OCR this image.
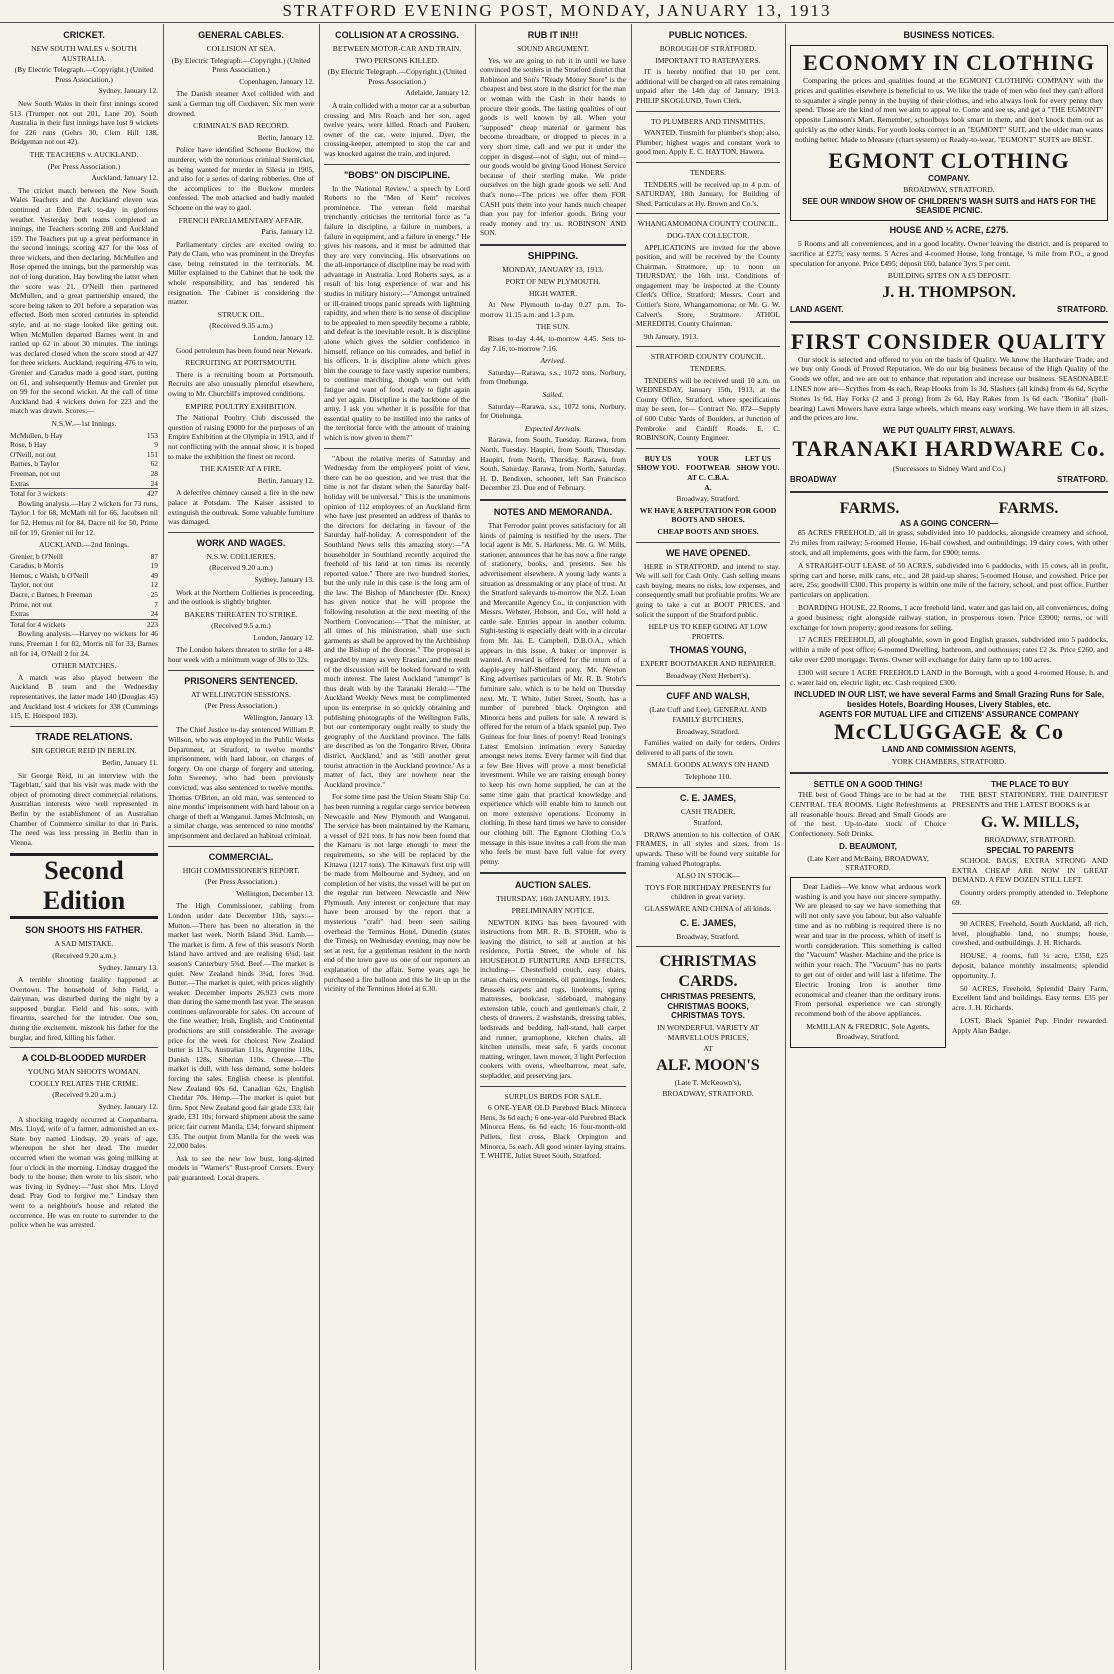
STRATFORD EVENING POST, MONDAY, JANUARY 13, 1913
CRICKET.
NEW SOUTH WALES v. SOUTH AUSTRALIA.
(By Electric Telegraph.—Copyright.) (United Press Association.)

Sydney, January 12.

New South Wales in their first innings scored 513 (Trumper not out 201, Lane 20). South Australia in their first innings have lost 9 wickets for 226 runs (Gehrs 30, Clem Hill 138, Bridgeman not out 42).

THE TEACHERS v. AUCKLAND.
(Per Press Association.)

Auckland, January 12.

The cricket match between the New South Wales Teachers and the Auckland eleven was continued at Eden Park to-day in glorious weather. Yesterday both teams completed an innings, the Teachers scoring 208 and Auckland 159. The Teachers put up a great performance in the second innings, scoring 427 for the loss of three wickets, and then declaring. McMullen and Rose opened the innings, but the partnership was not of long duration, Hay bowling the latter when the score was 21. O'Neill then partnered McMullen, and a great partnership ensued, the score being taken to 201 before a separation was effected. Both men scored centuries in splendid style, and at no stage looked like getting out. When McMullen departed Barnes went in and rattled up 62 in about 30 minutes. The innings was declared closed when the score stood at 427 for three wickets. Auckland, requiring 476 to win, Grenier and Caradus made a good start, putting on 61, and subsequently Hemus and Grenier put on 99 for the second wicket. At the call of time Auckland had 4 wickets down for 223 and the match was drawn. Scores:—

N.S.W.—1st Innings.
McMullen, b Hay	153
Rose, b Hay	9
O'Neill, not out	151
Barnes, b Taylor	62
Freeman, not out	28
Extras	24
Total for 3 wickets	427

Bowling analysis.—Hay 2 wickets for 73 runs, Taylor 1 for 68, McMath nil for 66, Jacobsen nil for 52, Hemus nil for 84, Dacre nil for 50, Prime nil for 19, Grenier nil for 12.

AUCKLAND.—2nd Innings.
Grenier, b O'Neill	87
Caradus, b Morris	19
Hemus, c Walsh, b O'Neill	49
Taylor, not out	12
Dacre, c Barnes, b Freeman	25
Prime, not out	7
Extras	24
Total for 4 wickets	223

Bowling analysis.—Harvey no wickets for 46 runs, Freeman 1 for 82, Morris nil for 33, Barnes nil for 14, O'Neill 2 for 24.

OTHER MATCHES.

A match was also played between the Auckland B team and the Wednesday representatives, the latter made 140 (Douglas 45) and Auckland lost 4 wickets for 338 (Cummings 115, E. Horspool 183).

TRADE RELATIONS.
SIR GEORGE REID IN BERLIN.

Berlin, January 11.

Sir George Reid, in an interview with the 'Tageblatt,' said that his visit was made with the object of promoting direct commercial relations. Australian interests were well represented in Berlin by the establishment of an Australian Chamber of Commerce similar to that in Paris. The need was less pressing in Berlin than in Vienna.

Second Edition
SON SHOOTS HIS FATHER.
A SAD MISTAKE.
(Received 9.20 a.m.)

Sydney, January 13.

A terrible shooting fatality happened at Overtown. The household of John Field, a dairyman, was disturbed during the night by a supposed burglar. Field and his sons, with firearms, searched for the intruder. One son, during the excitement, mistook his father for the burglar, and fired, killing his father.

A COLD-BLOODED MURDER
YOUNG MAN SHOOTS WOMAN.
COOLLY RELATES THE CRIME.
(Received 9.20 a.m.)

Sydney, January 12.

A shocking tragedy occurred at Coopanbarra. Mrs. Lloyd, wife of a farmer, admonished an ex-State boy named Lindsay, 20 years of age, whereupon he shot her dead. The murder occurred when the woman was going milking at four o'clock in the morning. Lindsay dragged the body to the house; then wrote to his sister, who was living in Sydney:—"Just shot Mrs. Lloyd dead. Pray God to forgive me." Lindsay then went to a neighbour's house and related the occurrence. He was en route to surrender to the police when he was arrested.

GENERAL CABLES.
COLLISION AT SEA.
(By Electric Telegraph.—Copyright.) (United Press Association.)

Copenhagen, January 12.

The Danish steamer Axel collided with and sank a German tug off Cuxhaven. Six men were drowned.

CRIMINAL'S BAD RECORD.

Berlin, January 12.

Police have identified Schoene Buckow, the murderer, with the notorious criminal Sternickel, as being wanted for murder in Silesia in 1905, and also for a series of daring robberies. One of the accomplices to the Buckow murders confessed. The mob attacked and badly mauled Schoene on the way to gaol.

FRENCH PARLIAMENTARY AFFAIR.

Paris, January 12.

Parliamentary circles are excited owing to Paty de Clam, who was prominent in the Dreyfus case, being reinstated in the territorials. M. Miller explained to the Cabinet that he took the whole responsibility, and has tendered his resignation. The Cabinet is considering the matter.

STRUCK OIL.
(Received 9.35 a.m.)

London, January 12.

Good petroleum has been found near Newark.

RECRUITING AT PORTSMOUTH.

There is a recruiting boom at Portsmouth. Recruits are also unusually plentiful elsewhere, owing to Mr. Churchill's improved conditions.

EMPIRE POULTRY EXHIBITION.

The National Poultry Club discussed the question of raising £9000 for the purposes of an Empire Exhibition at the Olympia in 1913, and if not conflicting with the annual show, it is hoped to make the exhibition the finest on record.

THE KAISER AT A FIRE.

Berlin, January 12.

A defective chimney caused a fire in the new palace at Potsdam. The Kaiser assisted to extinguish the outbreak. Some valuable furniture was damaged.

WORK AND WAGES.
N.S.W. COLLIERIES.
(Received 9.20 a.m.)

Sydney, January 13.

Work at the Northern Collieries is proceeding, and the outlook is slightly brighter.

BAKERS THREATEN TO STRIKE.
(Received 9.5 a.m.)

London, January 12.

The London bakers threaten to strike for a 48-hour week with a minimum wage of 30s to 32s.

PRISONERS SENTENCED.
AT WELLINGTON SESSIONS.
(Per Press Association.)

Wellington, January 13.

The Chief Justice to-day sentenced William P. Willson, who was employed in the Public Works Department, at Stratford, to twelve months' imprisonment, with hard labour, on charges of forgery. On one charge of forgery and uttering, John Sweeney, who had been previously convicted, was also sentenced to twelve months. Thomas O'Brien, an old man, was sentenced to nine months' imprisonment with hard labour on a charge of theft at Wanganui. James McIntosh, on a similar charge, was sentenced to nine months' imprisonment and declared an habitual criminal.

COMMERCIAL.
HIGH COMMISSIONER'S REPORT.
(Per Press Association.)

Wellington, December 13.

The High Commissioner, cabling from London under date December 11th, says:— Mutton.—There has been no alteration in the market last week. North Island 3¾d. Lamb.—The market is firm. A few of this season's North Island have arrived and are realising 6¼d; last season's Canterbury 5¾d. Beef.—The market is quiet. New Zealand hinds 3¾d, fores 3¼d. Butter.—The market is quiet, with prices slightly weaker. December imports 26,923 cwts more than during the same month last year. The season continues unfavourable for sales. On account of the fine weather, Irish, English, and Continental productions are still considerable. The average price for the week for choicest New Zealand butter is 117s, Australian 111s, Argentine 110s, Danish 128s, Siberian 110s. Cheese.—The market is dull, with less demand, some holders forcing the sales. English cheese is plentiful. New Zealand 60s 6d, Canadian 62s, English Cheddar 70s. Hemp.—The market is quiet but firm. Spot New Zealand good fair grade £33; fair grade, £31 10s; forward shipment about the same price; fair current Manila, £34; forward shipment £35. The output from Manila for the week was 22,000 bales.

Ask to see the new low bust, long-skirted models in "Warner's" Rust-proof Corsets. Every pair guaranteed. Local drapers.

COLLISION AT A CROSSING.
BETWEEN MOTOR-CAR AND TRAIN.
TWO PERSONS KILLED.
(By Electric Telegraph.—Copyright.) (United Press Association.)

Adelaide, January 12.

A train collided with a motor car at a suburban crossing and Mrs Roach and her son, aged twelve years, were killed. Roach and Paulsen, owner of the car, were injured. Dyer, the crossing-keeper, attempted to stop the car and was knocked against the train, and injured.

"BOBS" ON DISCIPLINE.

In the 'National Review,' a speech by Lord Roberts to the "Men of Kent" receives prominence. The veteran field marshal trenchantly criticises the territorial force as "a failure in discipline, a failure in numbers, a failure in equipment, and a failure in energy." He gives his reasons, and it must be admitted that they are very convincing. His observations on the all-importance of discipline may be read with advantage in Australia. Lord Roberts says, as a result of his long experience of war and his studies in military history:—"Amongst untrained or ill-trained troops panic spreads with lightning rapidity, and when there is no sense of discipline to be appealed to men speedily become a rabble, and defeat is the inevitable result. It is discipline alone which gives the soldier confidence in himself, reliance on his comrades, and belief in his officers. It is discipline alone which gives him the courage to face vastly superior numbers, to continue marching, though worn out with fatigue and want of food, ready to fight again and yet again. Discipline is the backbone of the army. I ask you whether it is possible for that essential quality to be instilled into the ranks of the territorial force with the amount of training which is now given to them?"

"About the relative merits of Saturday and Wednesday from the employees' point of view, there can be no question, and we trust that the time is not far distant when the Saturday half-holiday will be universal." This is the unanimous opinion of 112 employees of an Auckland firm who have just presented an address of thanks to the directors for declaring in favour of the Saturday half-holiday. A correspondent of the Southland News tells this amazing story:—"A householder in Southland recently acquired the freehold of his land at ten times its recently reported value." There are two hundred stories, but the only rule in this case is the long arm of the law. The Bishop of Manchester (Dr. Knox) has given notice that he will propose the following resolution at the next meeting of the Northern Convocation:—"That the minister, at all times of his ministration, shall use such garments as shall be approved by the Archbishop and the Bishop of the diocese." The proposal is regarded by many as very Erastian, and the result of the discussion will be looked forward to with much interest. The latest Auckland "attempt" is thus dealt with by the Taranaki Herald:—"The Auckland Weekly News must be complimented upon its enterprise in so quickly obtaining and publishing photographs of the Wellington Falls, but our contemporary ought really to study the geography of the Auckland province. The falls are described as 'on the Tongariro River, Ohura district, Auckland,' and as 'still another great tourist attraction in the Auckland province.' As a matter of fact, they are nowhere near the Auckland province."

For some time past the Union Steam Ship Co. has been running a regular cargo service between Newcastle and New Plymouth and Wanganui. The service has been maintained by the Kamaru, a vessel of 921 tons. It has now been found that the Kamaru is not large enough to meet the requirements, so she will be replaced by the Kittawa (1217 tons). The Kittawa's first trip will be made from Melbourne and Sydney, and on completion of her visits, the vessel will be put on the regular run between Newcastle and New Plymouth. Any interest or conjecture that may have been aroused by the report that a mysterious "craft" had been seen sailing overhead the Terminus Hotel, Dunedin (states the Times), on Wednesday evening, may now be set at rest, for a gentleman resident in the north end of the town gave us one of our reporters an explanation of the affair. Some years ago he purchased a fire balloon and this he lit up in the vicinity of the Terminus Hotel at 6.30.

RUB IT IN!!!
SOUND ARGUMENT.

Yes, we are going to rub it in until we have convinced the settlers in the Stratford district that Robinson and Son's "Ready Money Store" is the cheapest and best store in the district for the man or woman with the Cash in their hands to procure their goods. The lasting qualities of our goods is well known by all. When your "supposed" cheap material or garment has become threadbare, or dropped to pieces in a very short time, call and we put it under the copper in disgust—not of sight, out of mind—our goods would be giving Good Honest Service because of their sterling make. We pride ourselves on the high grade goods we sell. And that's none—The prices we offer them FOR CASH puts them into your hands much cheaper than you pay for inferior goods. Bring your ready money and try us. ROBINSON AND SON.

SHIPPING.
MONDAY, JANUARY 13, 1913.
PORT OF NEW PLYMOUTH.
HIGH WATER.

At New Plymouth to-day 0.27 p.m. To-morrow 11.15 a.m. and 1.3 p.m.

THE SUN.

Rises to-day 4.44, to-morrow 4.45. Sets to-day 7.16, to-morrow 7.16.

Arrived.

Saturday—Rarawa, s.s., 1072 tons, Norbury, from Onehunga.

Sailed.

Saturday—Rarawa, s.s., 1072 tons, Norbury, for Onehunga.

Expected Arrivals.

Rarawa, from South, Tuesday. Rarawa, from North, Tuesday. Haupiri, from South, Thursday. Haupiri, from North, Thursday. Rarawa, from South, Saturday. Rarawa, from North, Saturday. H. D. Bendixen, schooner, left San Francisco December 23. Due end of February.

NOTES AND MEMORANDA.

That Ferrodor paint proves satisfactory for all kinds of painting is testified by the users. The local agent is Mr. S. Harkness. Mr. G. W. Mills, stationer, announces that he has now a fine range of stationery, books, and presents. See his advertisement elsewhere. A young lady wants a situation as dressmaking or any place of trust. At the Stratford saleyards to-morrow the N.Z. Loan and Mercantile Agency Co., in conjunction with Messrs. Webster, Hobson, and Co., will hold a cattle sale. Entries appear in another column. Sight-testing is especially dealt with in a circular from Mr. Jas. E. Campbell, D.B.O.A., which appears in this issue. A baker or improver is wanted. A reward is offered for the return of a dapple-grey half-Shetland pony. Mr. Newton King advertises particulars of Mr. R. B. Stohr's furniture sale, which is to be held on Thursday next. Mr. T. White, Juliet Street, South, has a number of purebred black Orpington and Minorca hens and pullets for sale. A reward is offered for the return of a black spaniel pup. Two Guineas for four lines of poetry! Read Ironing's Latest Emulsion intimation every Saturday amongst news items. Every farmer will find that a few Bee Hives will prove a most beneficial investment. While we are raising enough honey to keep his own home supplied, he can at the same time gain that practical knowledge and experience which will enable him to launch out on more extensive operations. Economy in clothing. In these hard times we have to consider our clothing bill. The Egmont Clothing Co.'s message in this issue invites a call from the man who feels he must have full value for every penny.

AUCTION SALES.
THURSDAY, 16th JANUARY, 1913.
PRELIMINARY NOTICE.

NEWTON KING has been favoured with instructions from MR. R. B. STOHR, who is leaving the district, to sell at auction at his residence, Portia Street, the whole of his HOUSEHOLD FURNITURE AND EFFECTS, including— Chesterfield couch, easy chairs, rattan chairs, overmantels, oil paintings, fenders, Brussels carpets and rugs, linoleums, spring mattresses, bookcase, sideboard, mahogany extension table, couch and gentleman's chair, 2 chests of drawers, 2 washstands, dressing tables, bedsteads and bedding, hall-stand, hall carpet and runner, gramophone, kitchen chairs, all kitchen utensils, meat safe, 6 yards coconut matting, wringer, lawn mower, 3 light Perfection cookers with ovens, wheelbarrow, meat safe, stepladder, and preserving jars.

SURPLUS BIRDS FOR SALE.

6 ONE-YEAR OLD Purebred Black Minorca Hens, 3s 6d each; 6 one-year-old Purebred Black Minorca Hens, 6s 6d each; 16 four-month-old Pullets, first cross, Black Orpington and Minorca, 5s each. All good winter laying strains. T. WHITE, Juliet Street South, Stratford.

PUBLIC NOTICES.
BOROUGH OF STRATFORD.
IMPORTANT TO RATEPAYERS.

IT is hereby notified that 10 per cent. additional will be charged on all rates remaining unpaid after the 14th day of January, 1913. PHILIP SKOGLUND, Town Clerk.

TO PLUMBERS AND TINSMITHS.

WANTED, Tinsmith for plumber's shop; also, Plumber; highest wages and constant work to good men. Apply E. C. HAYTON, Hawera.

TENDERS.

TENDERS will be received up to 4 p.m. of SATURDAY, 18th January, for Building of Shed. Particulars at Hy. Brown and Co.'s.

WHANGAMOMONA COUNTY COUNCIL.
DOG-TAX COLLECTOR.

APPLICATIONS are invited for the above position, and will be received by the County Chairman, Stratmore, up to noon on THURSDAY, the 16th inst. Conditions of engagement may be inspected at the County Clerk's Office, Stratford; Messrs. Court and Cottier's Store, Whangamomona; or Mr. G. W. Calvert's Store, Stratmore. ATHOL MEREDITH, County Chairman.

9th January, 1913.

STRATFORD COUNTY COUNCIL.
TENDERS.

TENDERS will be received until 10 a.m. on WEDNESDAY, January 15th, 1913, at the County Office, Stratford, where specifications may be seen, for— Contract No. 872—Supply of 600 Cubic Yards of Boulders, at Junction of Pembroke and Cardiff Roads. E. C. ROBINSON, County Engineer.

BUY US SHOW YOU.
YOUR FOOTWEAR AT C. C.B.A. A.
LET US SHOW YOU.
Broadway, Stratford.
WE HAVE A REPUTATION FOR GOOD BOOTS AND SHOES.
CHEAP BOOTS AND SHOES.
WE HAVE OPENED.

HERE in STRATFORD, and intend to stay. We will sell for Cash Only. Cash selling means cash buying, means no risks, low expenses, and consequently small but profitable profits. We are going to take a cut at BOOT PRICES, and solicit the support of the Stratford public.

HELP US TO KEEP GOING AT LOW PROFITS.
THOMAS YOUNG,
EXPERT BOOTMAKER AND REPAIRER.
Broadway (Next Herbert's).
CUFF AND WALSH,
(Late Cuff and Lee), GENERAL AND FAMILY BUTCHERS,
Broadway, Stratford.

Families waited on daily for orders. Orders delivered to all parts of the town.

SMALL GOODS ALWAYS ON HAND
Telephone 110.
C. E. JAMES,
CASH TRADER,
Stratford.

DRAWS attention to his collection of OAK FRAMES, in all styles and sizes, from 1s upwards. These will be found very suitable for framing valued Photographs.

ALSO IN STOCK—
TOYS FOR BIRTHDAY PRESENTS for children in great variety.
GLASSWARE AND CHINA of all kinds.
C. E. JAMES,
Broadway, Stratford.
CHRISTMAS CARDS.
CHRISTMAS PRESENTS,
CHRISTMAS BOOKS,
CHRISTMAS TOYS.
IN WONDERFUL VARIETY AT MARVELLOUS PRICES,
AT
ALF. MOON'S
(Late T. McKeown's),
BROADWAY, STRATFORD.
BUSINESS NOTICES.
ECONOMY IN CLOTHING

Comparing the prices and qualities found at the EGMONT CLOTHING COMPANY with the prices and qualities elsewhere is beneficial to us. We like the trade of men who feel they can't afford to squander a single penny in the buying of their clothes, and who always look for every penny they spend. Those are the kind of men we aim to appeal to. Come and see us, and get a "THE EGMONT" opposite Lamason's Mart. Remember, schoolboys look smart in them, and don't knock them out as quickly as the other kinds. For youth looks correct in an "EGMONT" SUIT, and the older man wants nothing better. Made to Measure (chart system) or Ready-to-wear, "EGMONT" SUITS are BEST.

EGMONT CLOTHING
COMPANY.
BROADWAY, STRATFORD.
SEE OUR WINDOW SHOW OF CHILDREN'S WASH SUITS and HATS FOR THE SEASIDE PICNIC.
HOUSE AND ½ ACRE, £275.

5 Rooms and all conveniences, and in a good locality. Owner leaving the district, and is prepared to sacrifice at £275; easy terms. 5 Acres and 4-roomed House, long frontage, ¼ mile from P.O., a good speculation for anyone. Price £495; deposit £60, balance 3yrs 5 per cent.

BUILDING SITES ON A £5 DEPOSIT.
J. H. THOMPSON.
LAND AGENT.	STRATFORD.
FIRST CONSIDER QUALITY

Our stock is selected and offered to you on the basis of Quality. We know the Hardware Trade, and we buy only Goods of Proved Reputation. We do our big business because of the High Quality of the Goods we offer, and we are out to enhance that reputation and increase our business. SEASONABLE LINES now are—Scythes from 4s each, Reap Hooks from 1s 3d, Slashers (all kinds) from 4s 6d, Scythe Stones 1s 6d, Hay Forks (2 and 3 prong) from 2s 6d, Hay Rakes from 1s 6d each. "Bonita" (ball-bearing) Lawn Mowers have extra large wheels, which means easy working. We have them in all sizes, and the prices are low.

WE PUT QUALITY FIRST, ALWAYS.
TARANAKI HARDWARE Co.
(Successors to Sidney Ward and Co.)
BROADWAY	STRATFORD.
FARMS.	FARMS.
AS A GOING CONCERN—

85 ACRES FREEHOLD, all in grass, subdivided into 10 paddocks, alongside creamery and school, 2½ miles from railway; 5-roomed House, 16-bail cowshed, and outbuildings; 19 dairy cows, with other stock, and all implements, goes with the farm, for £900; terms.

A STRAIGHT-OUT LEASE of 50 ACRES, subdivided into 6 paddocks, with 15 cows, all in profit, spring cart and horse, milk cans, etc., and 28 paid-up shares; 5-roomed House, and cowshed. Price per acre, 25s; goodwill £300. This property is within one mile of the factory, school, and post office. Further particulars on application.

BOARDING HOUSE, 22 Rooms, 1 acre freehold land, water and gas laid on, all conveniences, doing a good business; right alongside railway station, in prosperous town. Price £3900; terms, or will exchange for town property; good reasons for selling.

17 ACRES FREEHOLD, all ploughable, sown in good English grasses, subdivided into 5 paddocks, within a mile of post office; 6-roomed Dwelling, bathroom, and outhouses; rates £2 3s. Price £260, and take over £200 mortgage. Terms. Owner will exchange for dairy farm up to 100 acres.

£300 will secure 1 ACRE FREEHOLD LAND in the Borough, with a good 4-roomed House, h. and c. water laid on, electric light, etc. Cash required £300.

INCLUDED IN OUR LIST, we have several Farms and Small Grazing Runs for Sale, besides Hotels, Boarding Houses, Livery Stables, etc.
AGENTS FOR MUTUAL LIFE and CITIZENS' ASSURANCE COMPANY
McCLUGGAGE & Co
LAND AND COMMISSION AGENTS,
YORK CHAMBERS, STRATFORD.
SETTLE ON A GOOD THING!

THE best of Good Things are to be had at the CENTRAL TEA ROOMS. Light Refreshments at all reasonable hours. Bread and Small Goods are of the best. Up-to-date stock of Choice Confectionery. Soft Drinks.

D. BEAUMONT,
(Late Kerr and McBain), BROADWAY, STRATFORD.

Dear Ladies—We know what arduous work washing is and you have our sincere sympathy. We are pleased to say we have something that will not only save you labour, but also valuable time and as no rubbing is required there is no wear and tear in the process, which of itself is worth consideration. This something is called the "Vacuum" Washer. Machine and the price is within your reach. The "Vacuum" has no parts to get out of order and will last a lifetime. The Electric Ironing Iron is another time economical and cleaner than the ordinary irons. From personal experience we can strongly recommend both of the above appliances.

McMILLAN & FREDRIC, Sole Agents, Broadway, Stratford.
THE PLACE TO BUY

THE BEST STATIONERY, THE DAINTIEST PRESENTS and THE LATEST BOOKS is at

G. W. MILLS,
BROADWAY, STRATFORD.
SPECIAL TO PARENTS

SCHOOL BAGS, EXTRA STRONG AND EXTRA CHEAP ARE NOW IN GREAT DEMAND. A FEW DOZEN STILL LEFT.

Country orders promptly attended to. Telephone 69.

90 ACRES, Freehold, South Auckland, all rich, level, ploughable land, no stumps; house, cowshed, and outbuildings. J. H. Richards.

HOUSE, 4 rooms, full ¼ acre, £350, £25 deposit, balance monthly instalments; splendid opportunity. J.

50 ACRES, Freehold, Splendid Dairy Farm, Excellent land and buildings. Easy terms. £35 per acre. J. H. Richards.

LOST, Black Spaniel Pup. Finder rewarded. Apply Alan Badge.
